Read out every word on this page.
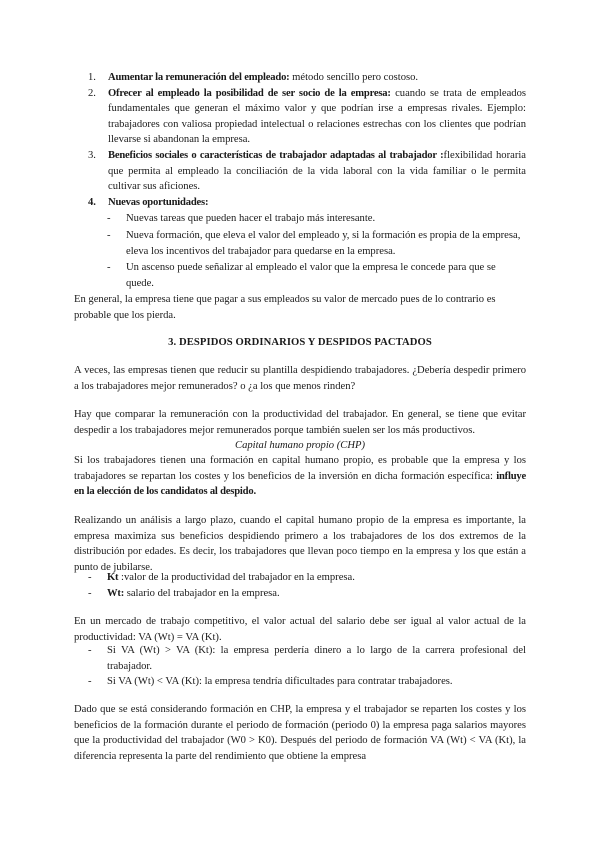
1. Aumentar la remuneración del empleado: método sencillo pero costoso.
2. Ofrecer al empleado la posibilidad de ser socio de la empresa: cuando se trata de empleados fundamentales que generan el máximo valor y que podrían irse a empresas rivales. Ejemplo: trabajadores con valiosa propiedad intelectual o relaciones estrechas con los clientes que podrían llevarse si abandonan la empresa.
3. Beneficios sociales o características de trabajador adaptadas al trabajador :flexibilidad horaria que permita al empleado la conciliación de la vida laboral con la vida familiar o le permita cultivar sus aficiones.
4. Nuevas oportunidades:
- Nuevas tareas que pueden hacer el trabajo más interesante.
- Nueva formación, que eleva el valor del empleado y, si la formación es propia de la empresa, eleva los incentivos del trabajador para quedarse en la empresa.
- Un ascenso puede señalizar al empleado el valor que la empresa le concede para que se quede.
En general, la empresa tiene que pagar a sus empleados su valor de mercado pues de lo contrario es probable que los pierda.
3. DESPIDOS ORDINARIOS Y DESPIDOS PACTADOS
A veces, las empresas tienen que reducir su plantilla despidiendo trabajadores. ¿Debería despedir primero a los trabajadores mejor remunerados? o ¿a los que menos rinden?
Hay que comparar la remuneración con la productividad del trabajador. En general, se tiene que evitar despedir a los trabajadores mejor remunerados porque también suelen ser los más productivos.
Capital humano propio (CHP)
Si los trabajadores tienen una formación en capital humano propio, es probable que la empresa y los trabajadores se repartan los costes y los beneficios de la inversión en dicha formación específica: influye en la elección de los candidatos al despido.
Realizando un análisis a largo plazo, cuando el capital humano propio de la empresa es importante, la empresa maximiza sus beneficios despidiendo primero a los trabajadores de los dos extremos de la distribución por edades. Es decir, los trabajadores que llevan poco tiempo en la empresa y los que están a punto de jubilarse.
- Kt :valor de la productividad del trabajador en la empresa.
- Wt: salario del trabajador en la empresa.
En un mercado de trabajo competitivo, el valor actual del salario debe ser igual al valor actual de la productividad: VA (Wt) = VA (Kt).
- Si VA (Wt) > VA (Kt): la empresa perdería dinero a lo largo de la carrera profesional del trabajador.
- Si VA (Wt) < VA (Kt): la empresa tendría dificultades para contratar trabajadores.
Dado que se está considerando formación en CHP, la empresa y el trabajador se reparten los costes y los beneficios de la formación durante el periodo de formación (periodo 0) la empresa paga salarios mayores que la productividad del trabajador (W0 > K0). Después del periodo de formación VA (Wt) < VA (Kt), la diferencia representa la parte del rendimiento que obtiene la empresa
